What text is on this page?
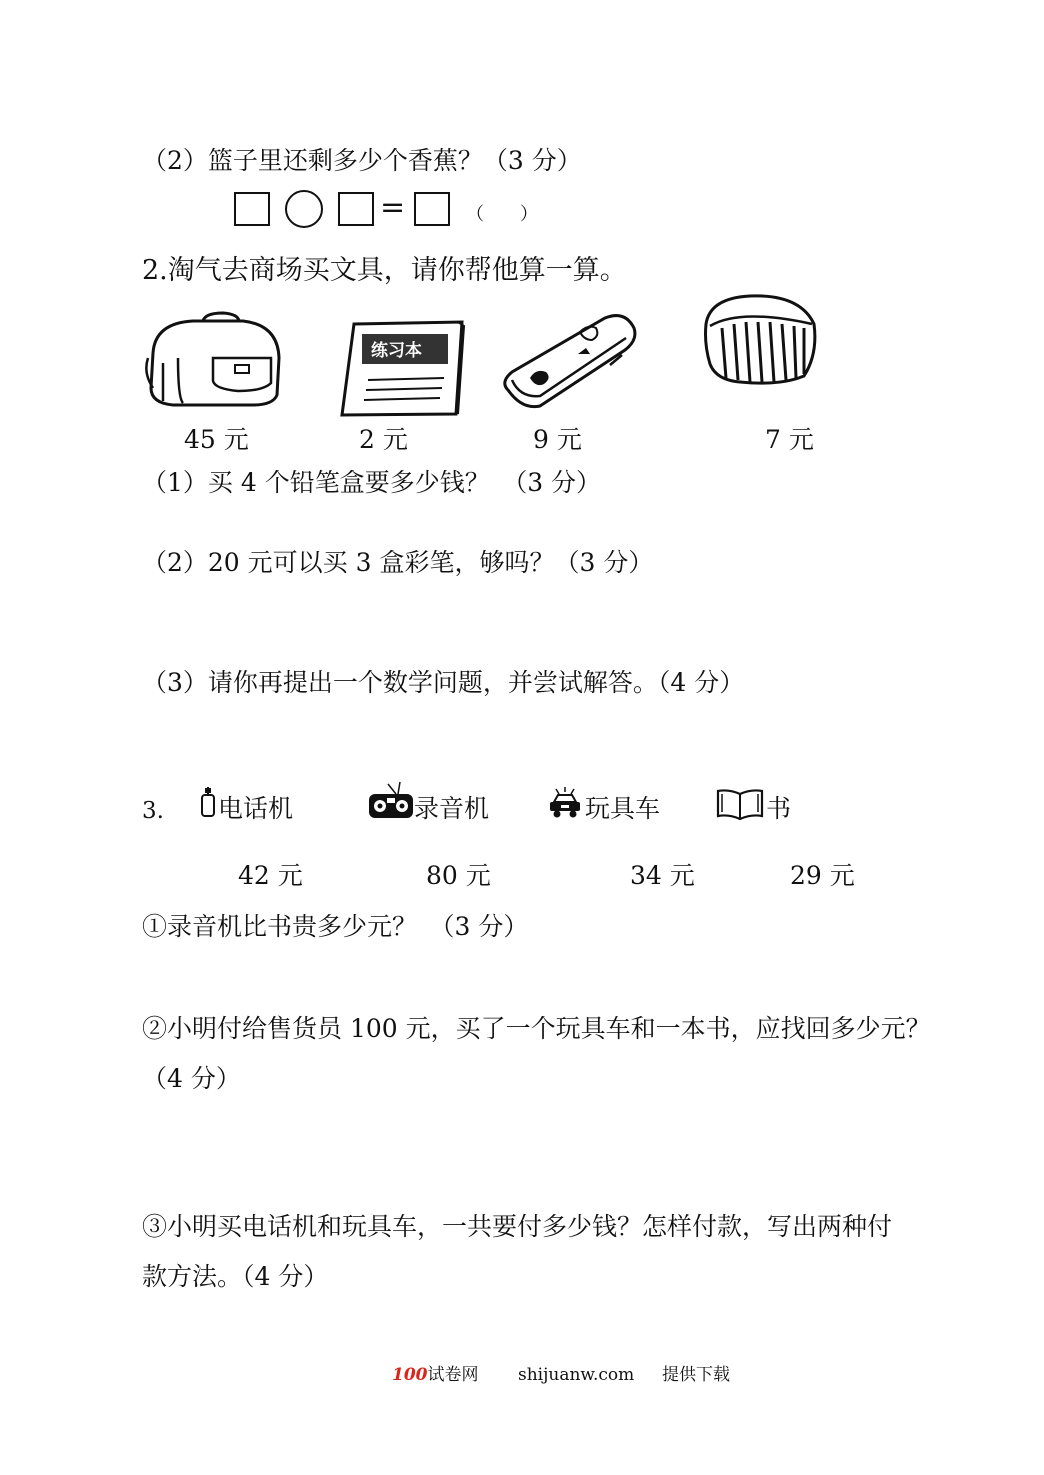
（2）篮子里还剩多少个香蕉？（3 分）
=	（　　）
2.淘气去商场买文具，请你帮他算一算。
练习本
45 元	2 元	9 元	7 元
（1）买 4 个铅笔盒要多少钱？　（3 分）
（2）20 元可以买 3 盒彩笔，够吗？（3 分）
（3）请你再提出一个数学问题，并尝试解答。（4 分）
3. 电话机	录音机	玩具车	书
42 元	80 元	34 元	29 元
①录音机比书贵多少元？　（3 分）
②小明付给售货员 100 元，买了一个玩具车和一本书，应找回多少元？
（4 分）
③小明买电话机和玩具车，一共要付多少钱？怎样付款，写出两种付
款方法。（4 分）
100试卷网 shijuanw.com 提供下载
